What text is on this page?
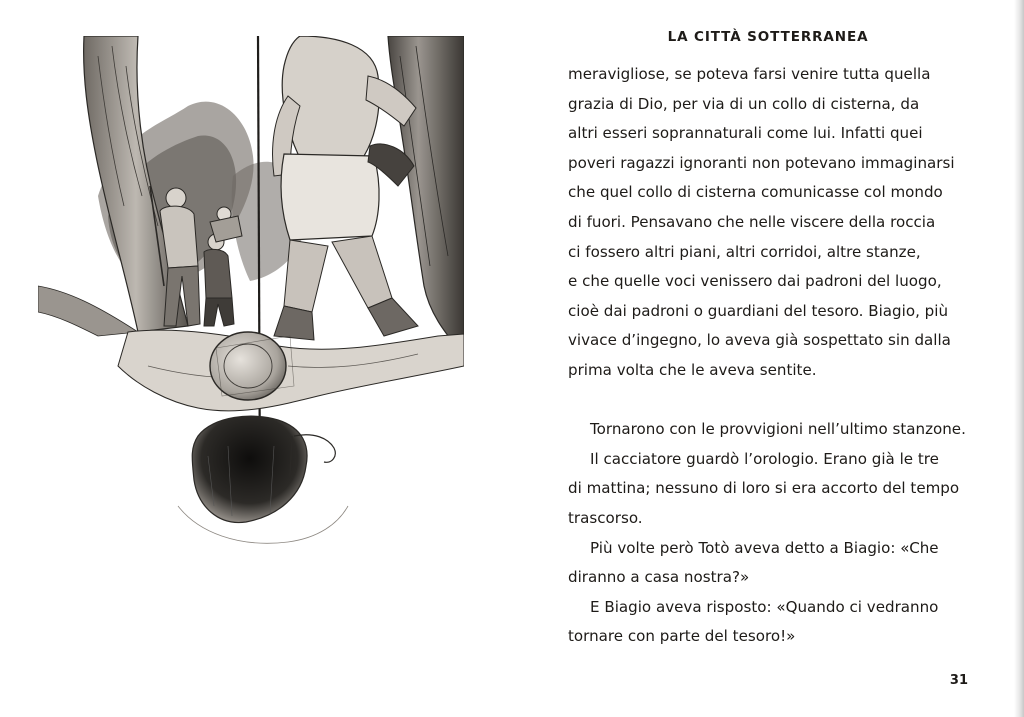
LA CITTÀ SOTTERRANEA
meravigliose, se poteva farsi venire tutta quella
grazia di Dio, per via di un collo di cisterna, da
altri esseri soprannaturali come lui. Infatti quei
poveri ragazzi ignoranti non potevano immaginarsi
che quel collo di cisterna comunicasse col mondo
di fuori. Pensavano che nelle viscere della roccia
ci fossero altri piani, altri corridoi, altre stanze,
e che quelle voci venissero dai padroni del luogo,
cioè dai padroni o guardiani del tesoro. Biagio, più
vivace d’ingegno, lo aveva già sospettato sin dalla
prima volta che le aveva sentite.
Tornarono con le provvigioni nell’ultimo stanzone.
Il cacciatore guardò l’orologio. Erano già le tre
di mattina; nessuno di loro si era accorto del tempo
trascorso.
Più volte però Totò aveva detto a Biagio: «Che
diranno a casa nostra?»
E Biagio aveva risposto: «Quando ci vedranno
tornare con parte del tesoro!»
31
